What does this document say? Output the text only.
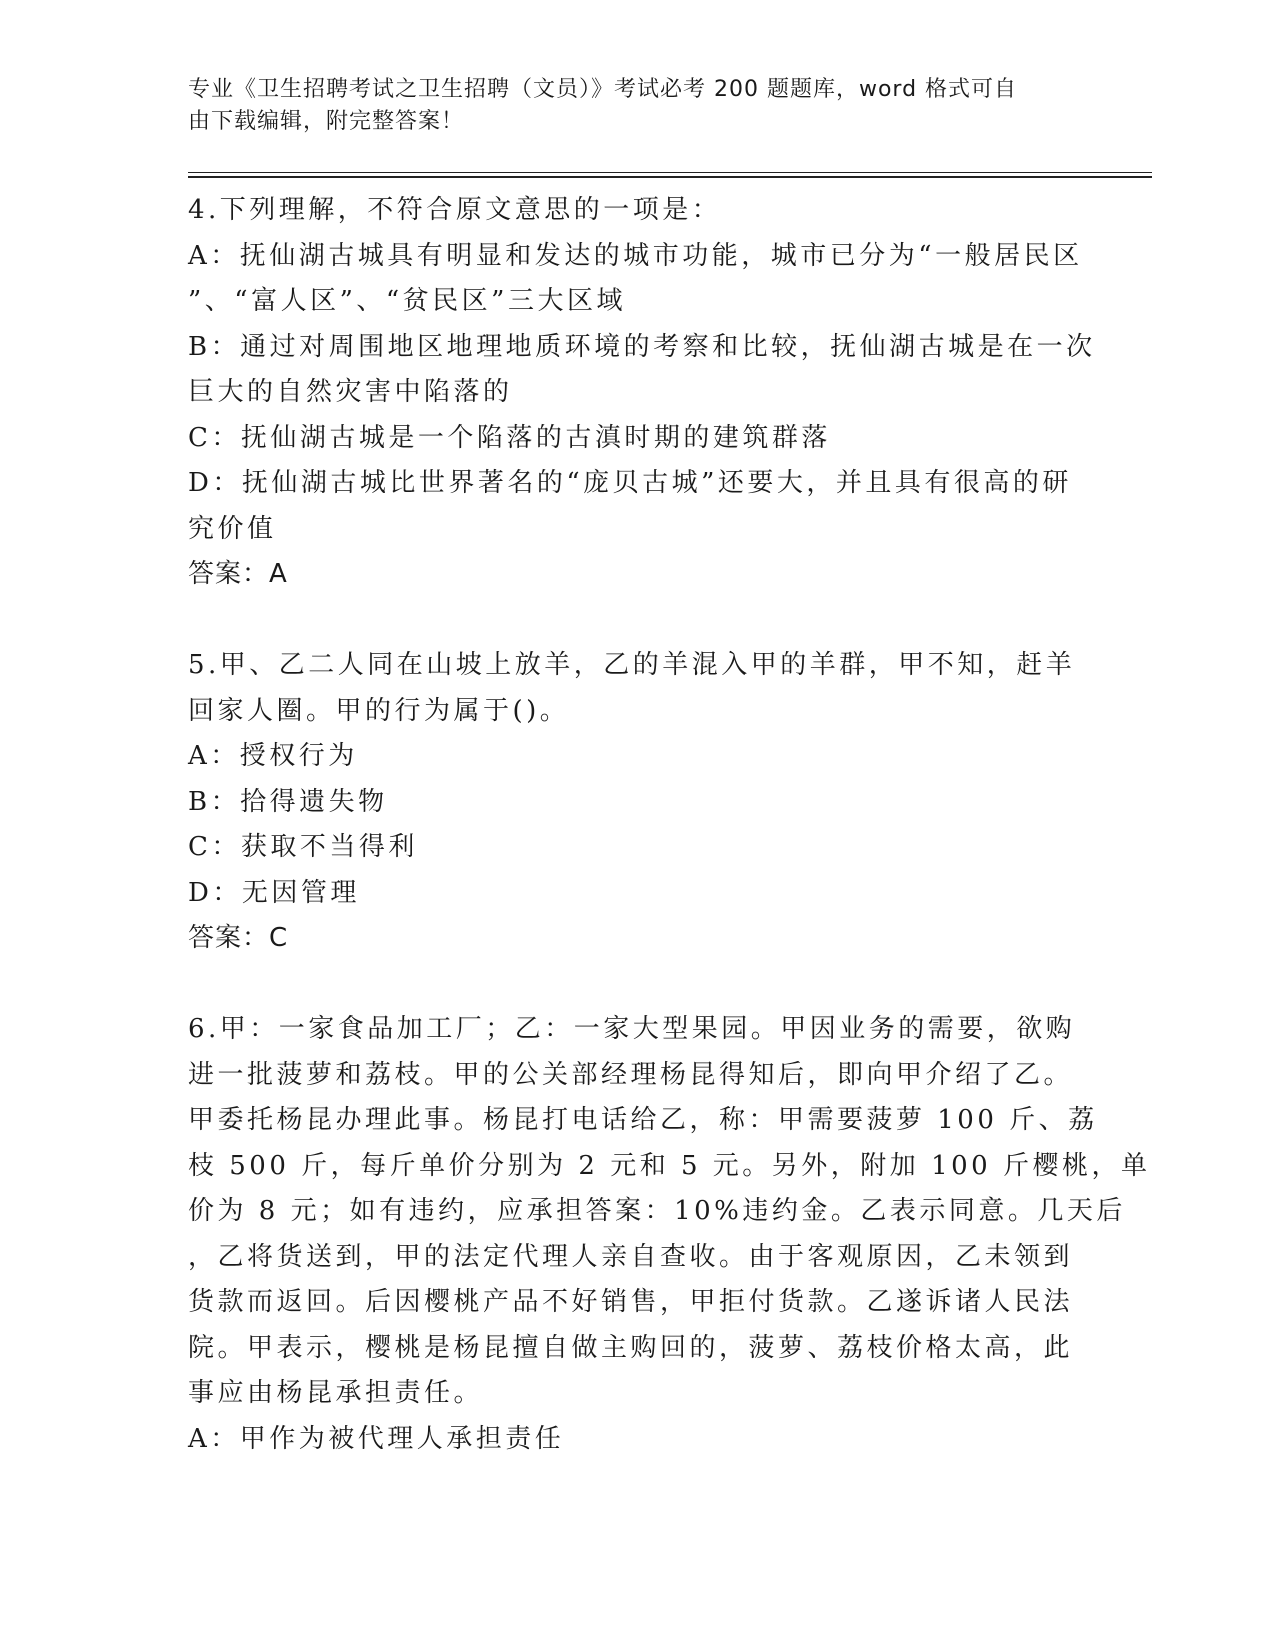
专业《卫生招聘考试之卫生招聘（文员）》考试必考 200 题题库，word 格式可自
由下载编辑，附完整答案！
4.下列理解，不符合原文意思的一项是：
A：抚仙湖古城具有明显和发达的城市功能，城市已分为“一般居民区
”、“富人区”、“贫民区”三大区域
B：通过对周围地区地理地质环境的考察和比较，抚仙湖古城是在一次
巨大的自然灾害中陷落的
C：抚仙湖古城是一个陷落的古滇时期的建筑群落
D：抚仙湖古城比世界著名的“庞贝古城”还要大，并且具有很高的研
究价值
答案：A
5.甲、乙二人同在山坡上放羊，乙的羊混入甲的羊群，甲不知，赶羊
回家人圈。甲的行为属于()。
A：授权行为
B：拾得遗失物
C：获取不当得利
D：无因管理
答案：C
6.甲：一家食品加工厂；乙：一家大型果园。甲因业务的需要，欲购
进一批菠萝和荔枝。甲的公关部经理杨昆得知后，即向甲介绍了乙。
甲委托杨昆办理此事。杨昆打电话给乙，称：甲需要菠萝 100 斤、荔
枝 500 斤，每斤单价分别为 2 元和 5 元。另外，附加 100 斤樱桃，单
价为 8 元；如有违约，应承担答案：10%违约金。乙表示同意。几天后
，乙将货送到，甲的法定代理人亲自查收。由于客观原因，乙未领到
货款而返回。后因樱桃产品不好销售，甲拒付货款。乙遂诉诸人民法
院。甲表示，樱桃是杨昆擅自做主购回的，菠萝、荔枝价格太高，此
事应由杨昆承担责任。
A：甲作为被代理人承担责任
